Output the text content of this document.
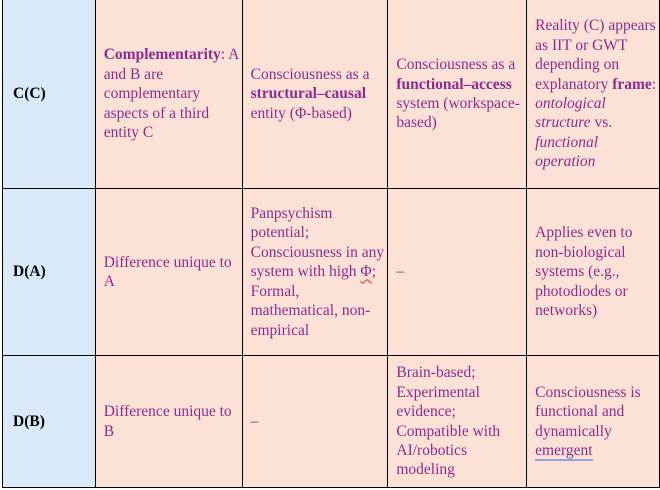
C(C)	Complementarity: A and B are complementary aspects of a third entity C	Consciousness as a structural–causal entity (Φ-based)	Consciousness as a functional–access system (workspace-based)	Reality (C) appears as IIT or GWT depending on explanatory frame: ontological structure vs. functional operation
D(A)	Difference unique to A	Panpsychism potential; Consciousness in any system with high Φ; Formal, mathematical, non-empirical	–	Applies even to non-biological systems (e.g., photodiodes or networks)
D(B)	Difference unique to B	–	Brain-based; Experimental evidence; Compatible with AI/robotics modeling	Consciousness is functional and dynamically emergent
